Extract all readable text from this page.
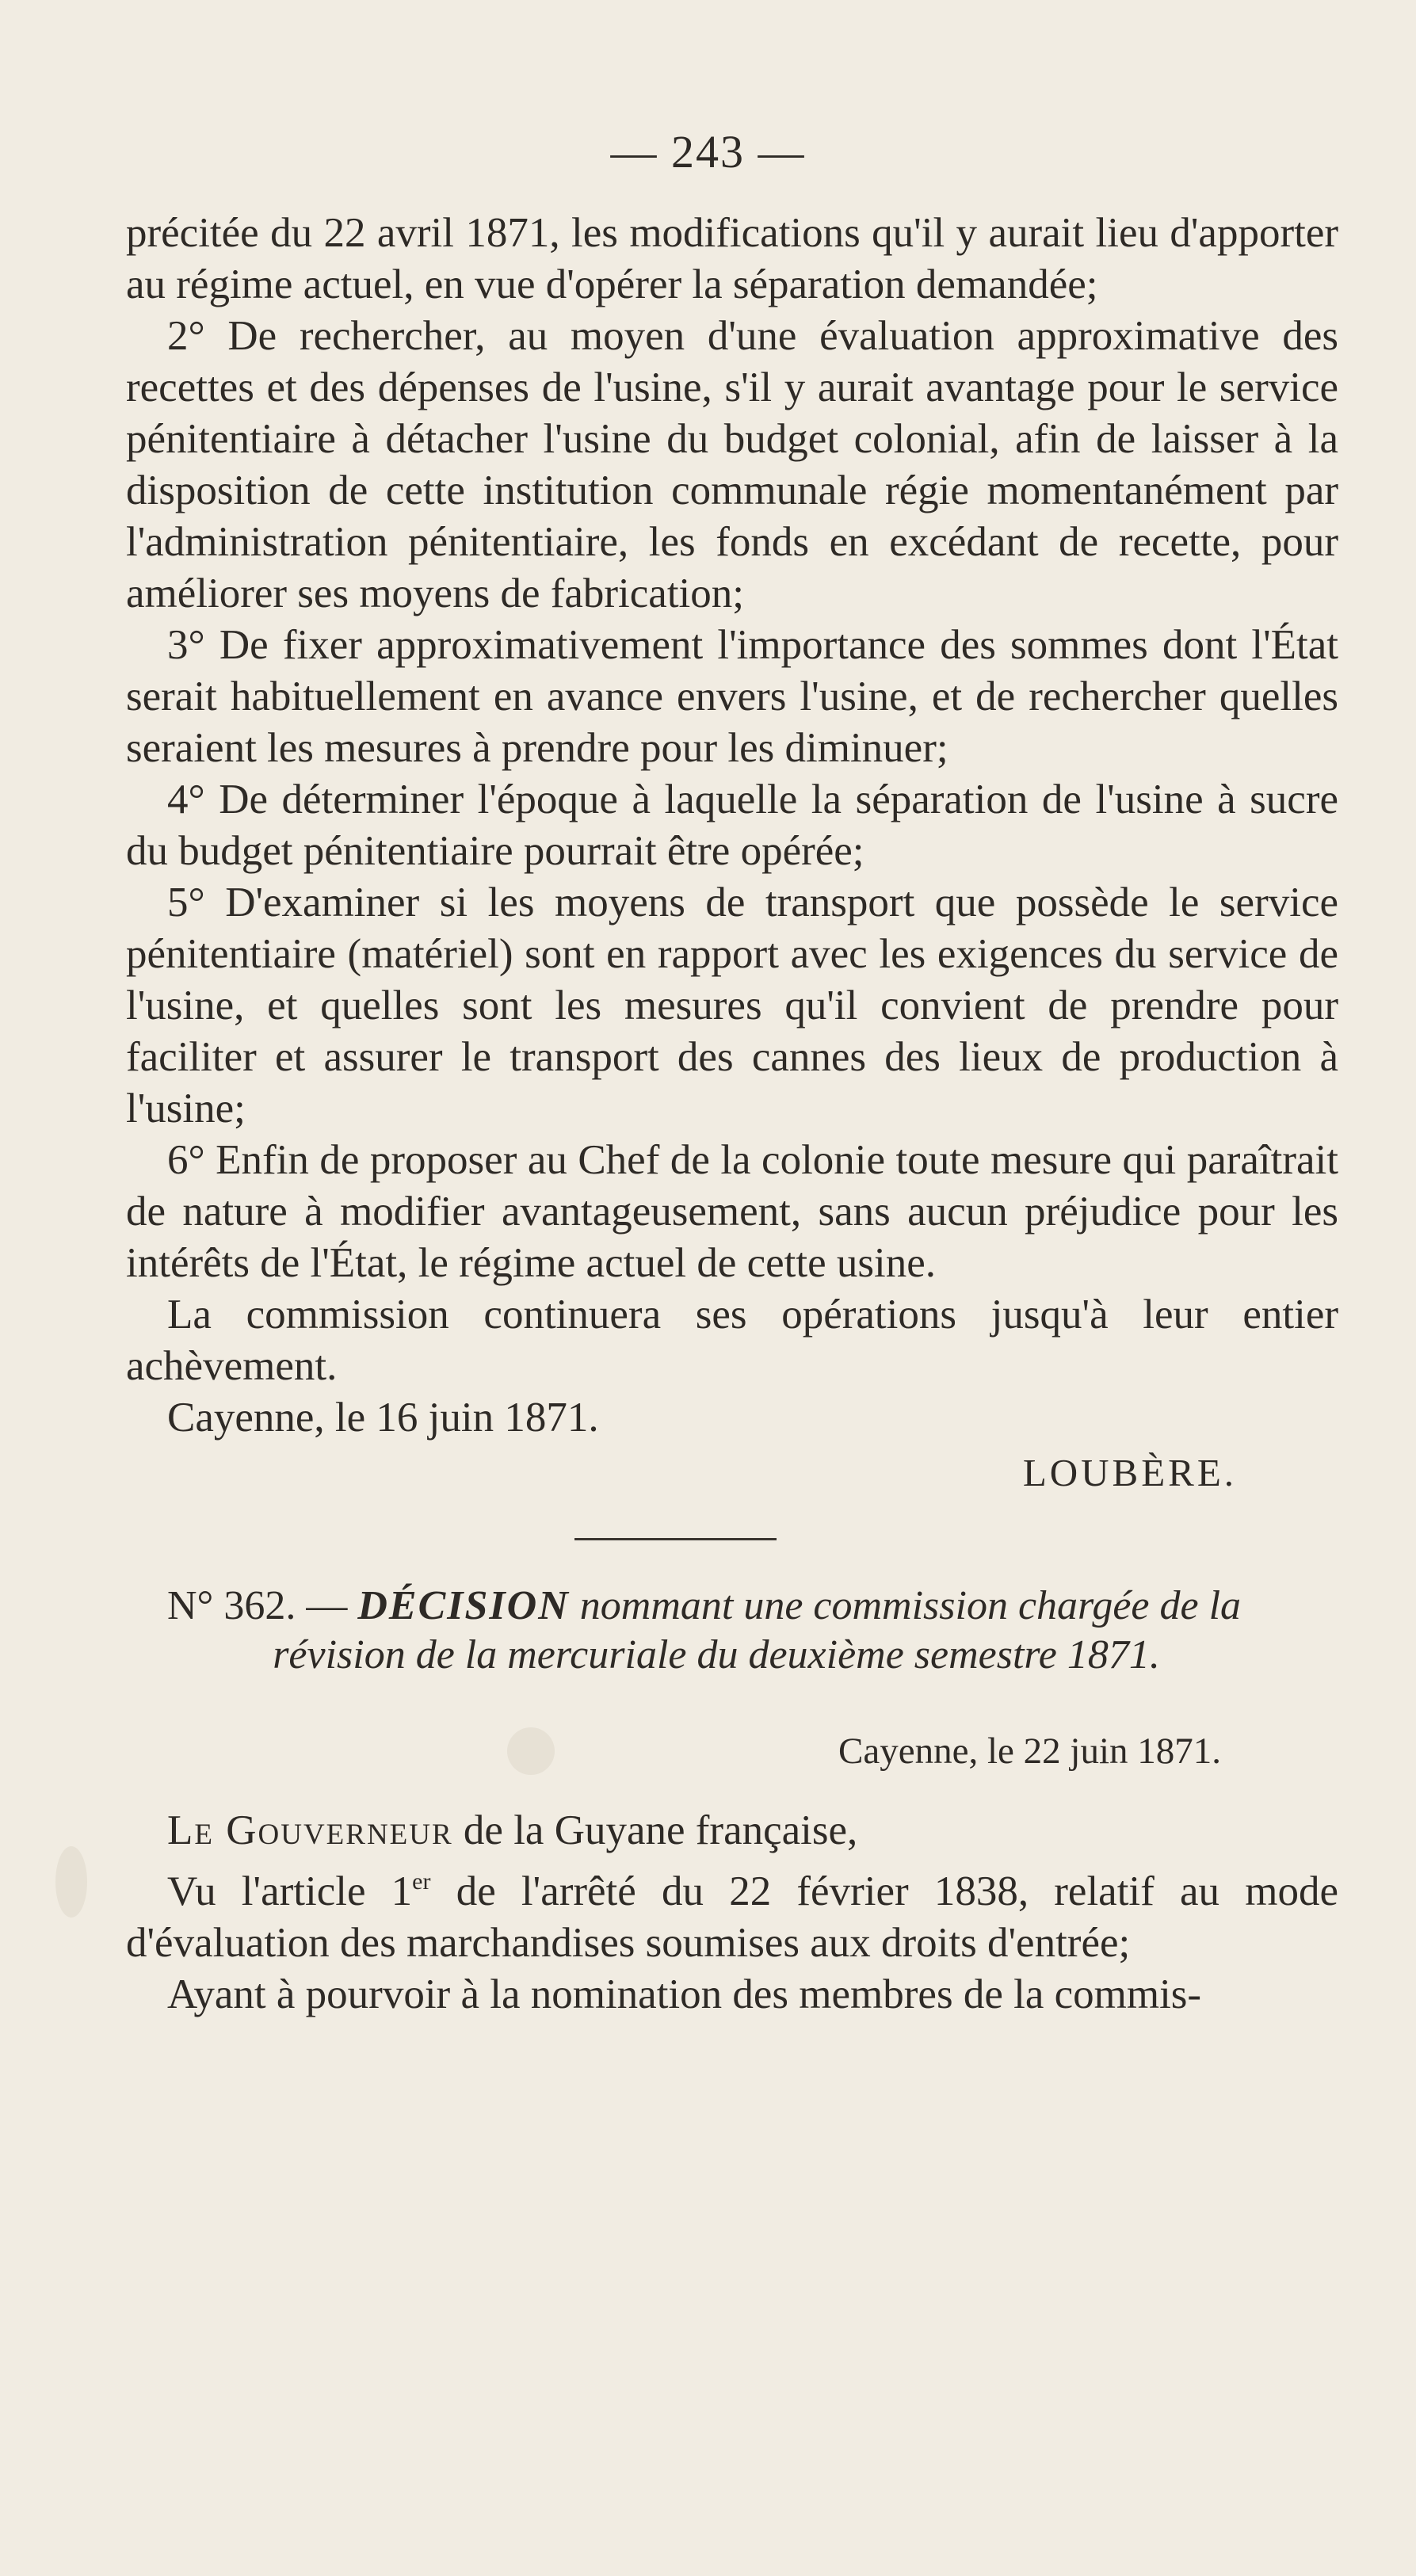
— 243 —

précitée du 22 avril 1871, les modifications qu'il y aurait lieu d'apporter au régime actuel, en vue d'opérer la séparation demandée;

2° De rechercher, au moyen d'une évaluation approximative des recettes et des dépenses de l'usine, s'il y aurait avantage pour le service pénitentiaire à détacher l'usine du budget colonial, afin de laisser à la disposition de cette institution communale régie momentanément par l'administration pénitentiaire, les fonds en excédant de recette, pour améliorer ses moyens de fabrication;

3° De fixer approximativement l'importance des sommes dont l'État serait habituellement en avance envers l'usine, et de rechercher quelles seraient les mesures à prendre pour les diminuer;

4° De déterminer l'époque à laquelle la séparation de l'usine à sucre du budget pénitentiaire pourrait être opérée;

5° D'examiner si les moyens de transport que possède le service pénitentiaire (matériel) sont en rapport avec les exigences du service de l'usine, et quelles sont les mesures qu'il convient de prendre pour faciliter et assurer le transport des cannes des lieux de production à l'usine;

6° Enfin de proposer au Chef de la colonie toute mesure qui paraîtrait de nature à modifier avantageusement, sans aucun préjudice pour les intérêts de l'État, le régime actuel de cette usine.

La commission continuera ses opérations jusqu'à leur entier achèvement.

Cayenne, le 16 juin 1871.

LOUBÈRE.

N° 362. — DÉCISION nommant une commission chargée de la

révision de la mercuriale du deuxième semestre 1871.
Cayenne, le 22 juin 1871.

Le Gouverneur de la Guyane française,

Vu l'article 1er de l'arrêté du 22 février 1838, relatif au mode d'évaluation des marchandises soumises aux droits d'entrée;

Ayant à pourvoir à la nomination des membres de la commis-
